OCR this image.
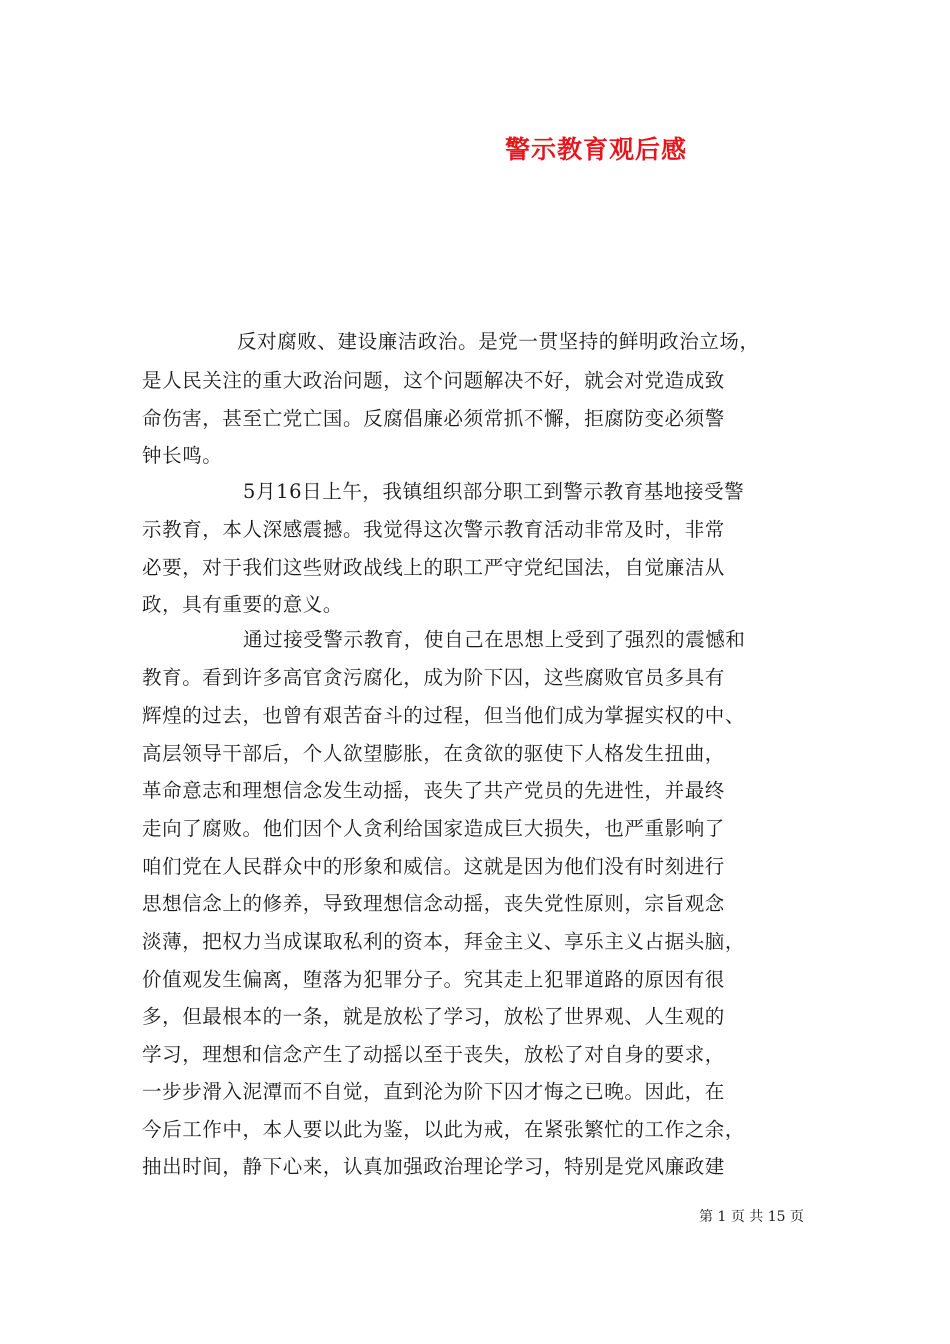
警示教育观后感
反对腐败、建设廉洁政治。是党一贯坚持的鲜明政治立场，
是人民关注的重大政治问题，这个问题解决不好，就会对党造成致
命伤害，甚至亡党亡国。反腐倡廉必须常抓不懈，拒腐防变必须警
钟长鸣。
5月16日上午，我镇组织部分职工到警示教育基地接受警
示教育，本人深感震撼。我觉得这次警示教育活动非常及时，非常
必要，对于我们这些财政战线上的职工严守党纪国法，自觉廉洁从
政，具有重要的意义。
通过接受警示教育，使自己在思想上受到了强烈的震憾和
教育。看到许多高官贪污腐化，成为阶下囚，这些腐败官员多具有
辉煌的过去，也曾有艰苦奋斗的过程，但当他们成为掌握实权的中、
高层领导干部后，个人欲望膨胀，在贪欲的驱使下人格发生扭曲，
革命意志和理想信念发生动摇，丧失了共产党员的先进性，并最终
走向了腐败。他们因个人贪利给国家造成巨大损失，也严重影响了
咱们党在人民群众中的形象和威信。这就是因为他们没有时刻进行
思想信念上的修养，导致理想信念动摇，丧失党性原则，宗旨观念
淡薄，把权力当成谋取私利的资本，拜金主义、享乐主义占据头脑，
价值观发生偏离，堕落为犯罪分子。究其走上犯罪道路的原因有很
多，但最根本的一条，就是放松了学习，放松了世界观、人生观的
学习，理想和信念产生了动摇以至于丧失，放松了对自身的要求，
一步步滑入泥潭而不自觉，直到沦为阶下囚才悔之已晚。因此，在
今后工作中，本人要以此为鉴，以此为戒，在紧张繁忙的工作之余，
抽出时间，静下心来，认真加强政治理论学习，特别是党风廉政建
第 1 页 共 15 页
